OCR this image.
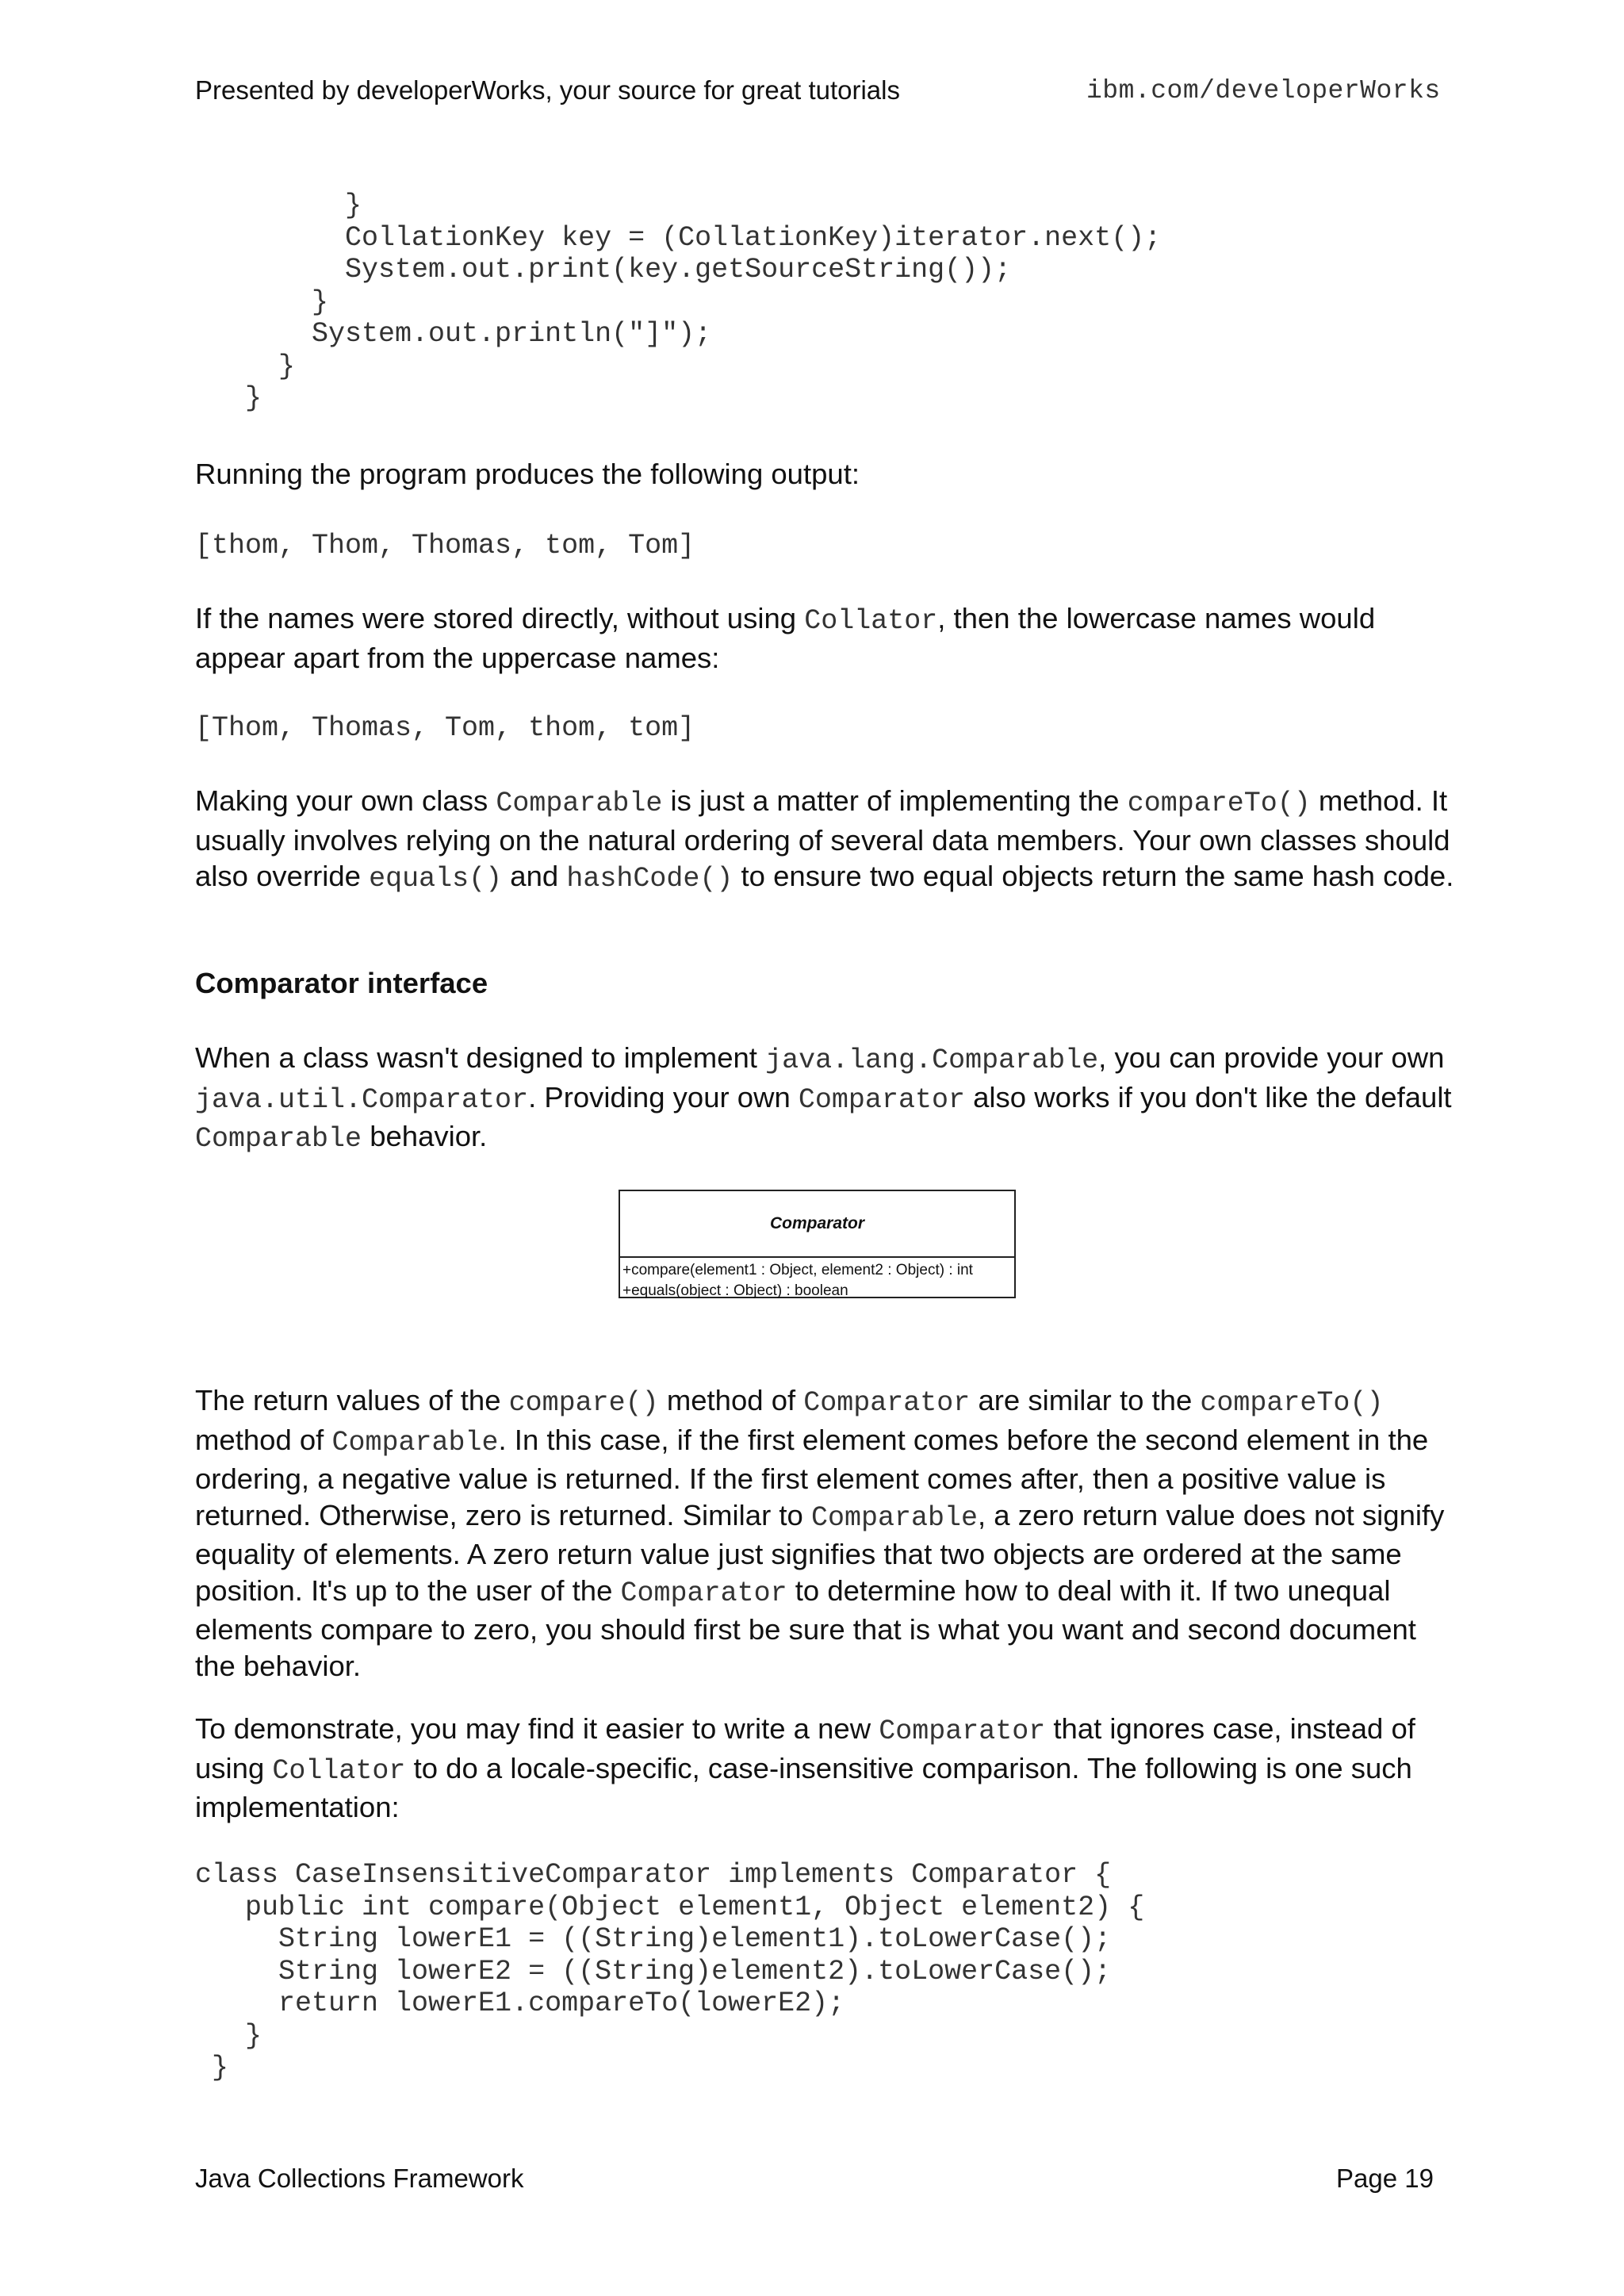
Presented by developerWorks, your source for great tutorials	ibm.com/developerWorks
}
CollationKey key = (CollationKey)iterator.next();
System.out.print(key.getSourceString());
}
System.out.println("]");
}
}

Running the program produces the following output:

[thom, Thom, Thomas, tom, Tom]

If the names were stored directly, without using Collator, then the lowercase names would appear apart from the uppercase names:

[Thom, Thomas, Tom, thom, tom]

Making your own class Comparable is just a matter of implementing the compareTo() method. It usually involves relying on the natural ordering of several data members. Your own classes should also override equals() and hashCode() to ensure two equal objects return the same hash code.

Comparator interface

When a class wasn't designed to implement java.lang.Comparable, you can provide your own java.util.Comparator. Providing your own Comparator also works if you don't like the default Comparable behavior.

Comparator
+compare(element1 : Object, element2 : Object) : int
+equals(object : Object) : boolean

The return values of the compare() method of Comparator are similar to the compareTo() method of Comparable. In this case, if the first element comes before the second element in the ordering, a negative value is returned. If the first element comes after, then a positive value is returned. Otherwise, zero is returned. Similar to Comparable, a zero return value does not signify equality of elements. A zero return value just signifies that two objects are ordered at the same position. It's up to the user of the Comparator to determine how to deal with it. If two unequal elements compare to zero, you should first be sure that is what you want and second document the behavior.

To demonstrate, you may find it easier to write a new Comparator that ignores case, instead of using Collator to do a locale-specific, case-insensitive comparison. The following is one such implementation:

class CaseInsensitiveComparator implements Comparator {
public int compare(Object element1, Object element2) {
String lowerE1 = ((String)element1).toLowerCase();
String lowerE2 = ((String)element2).toLowerCase();
return lowerE1.compareTo(lowerE2);
}
}
Java Collections Framework	Page 19
